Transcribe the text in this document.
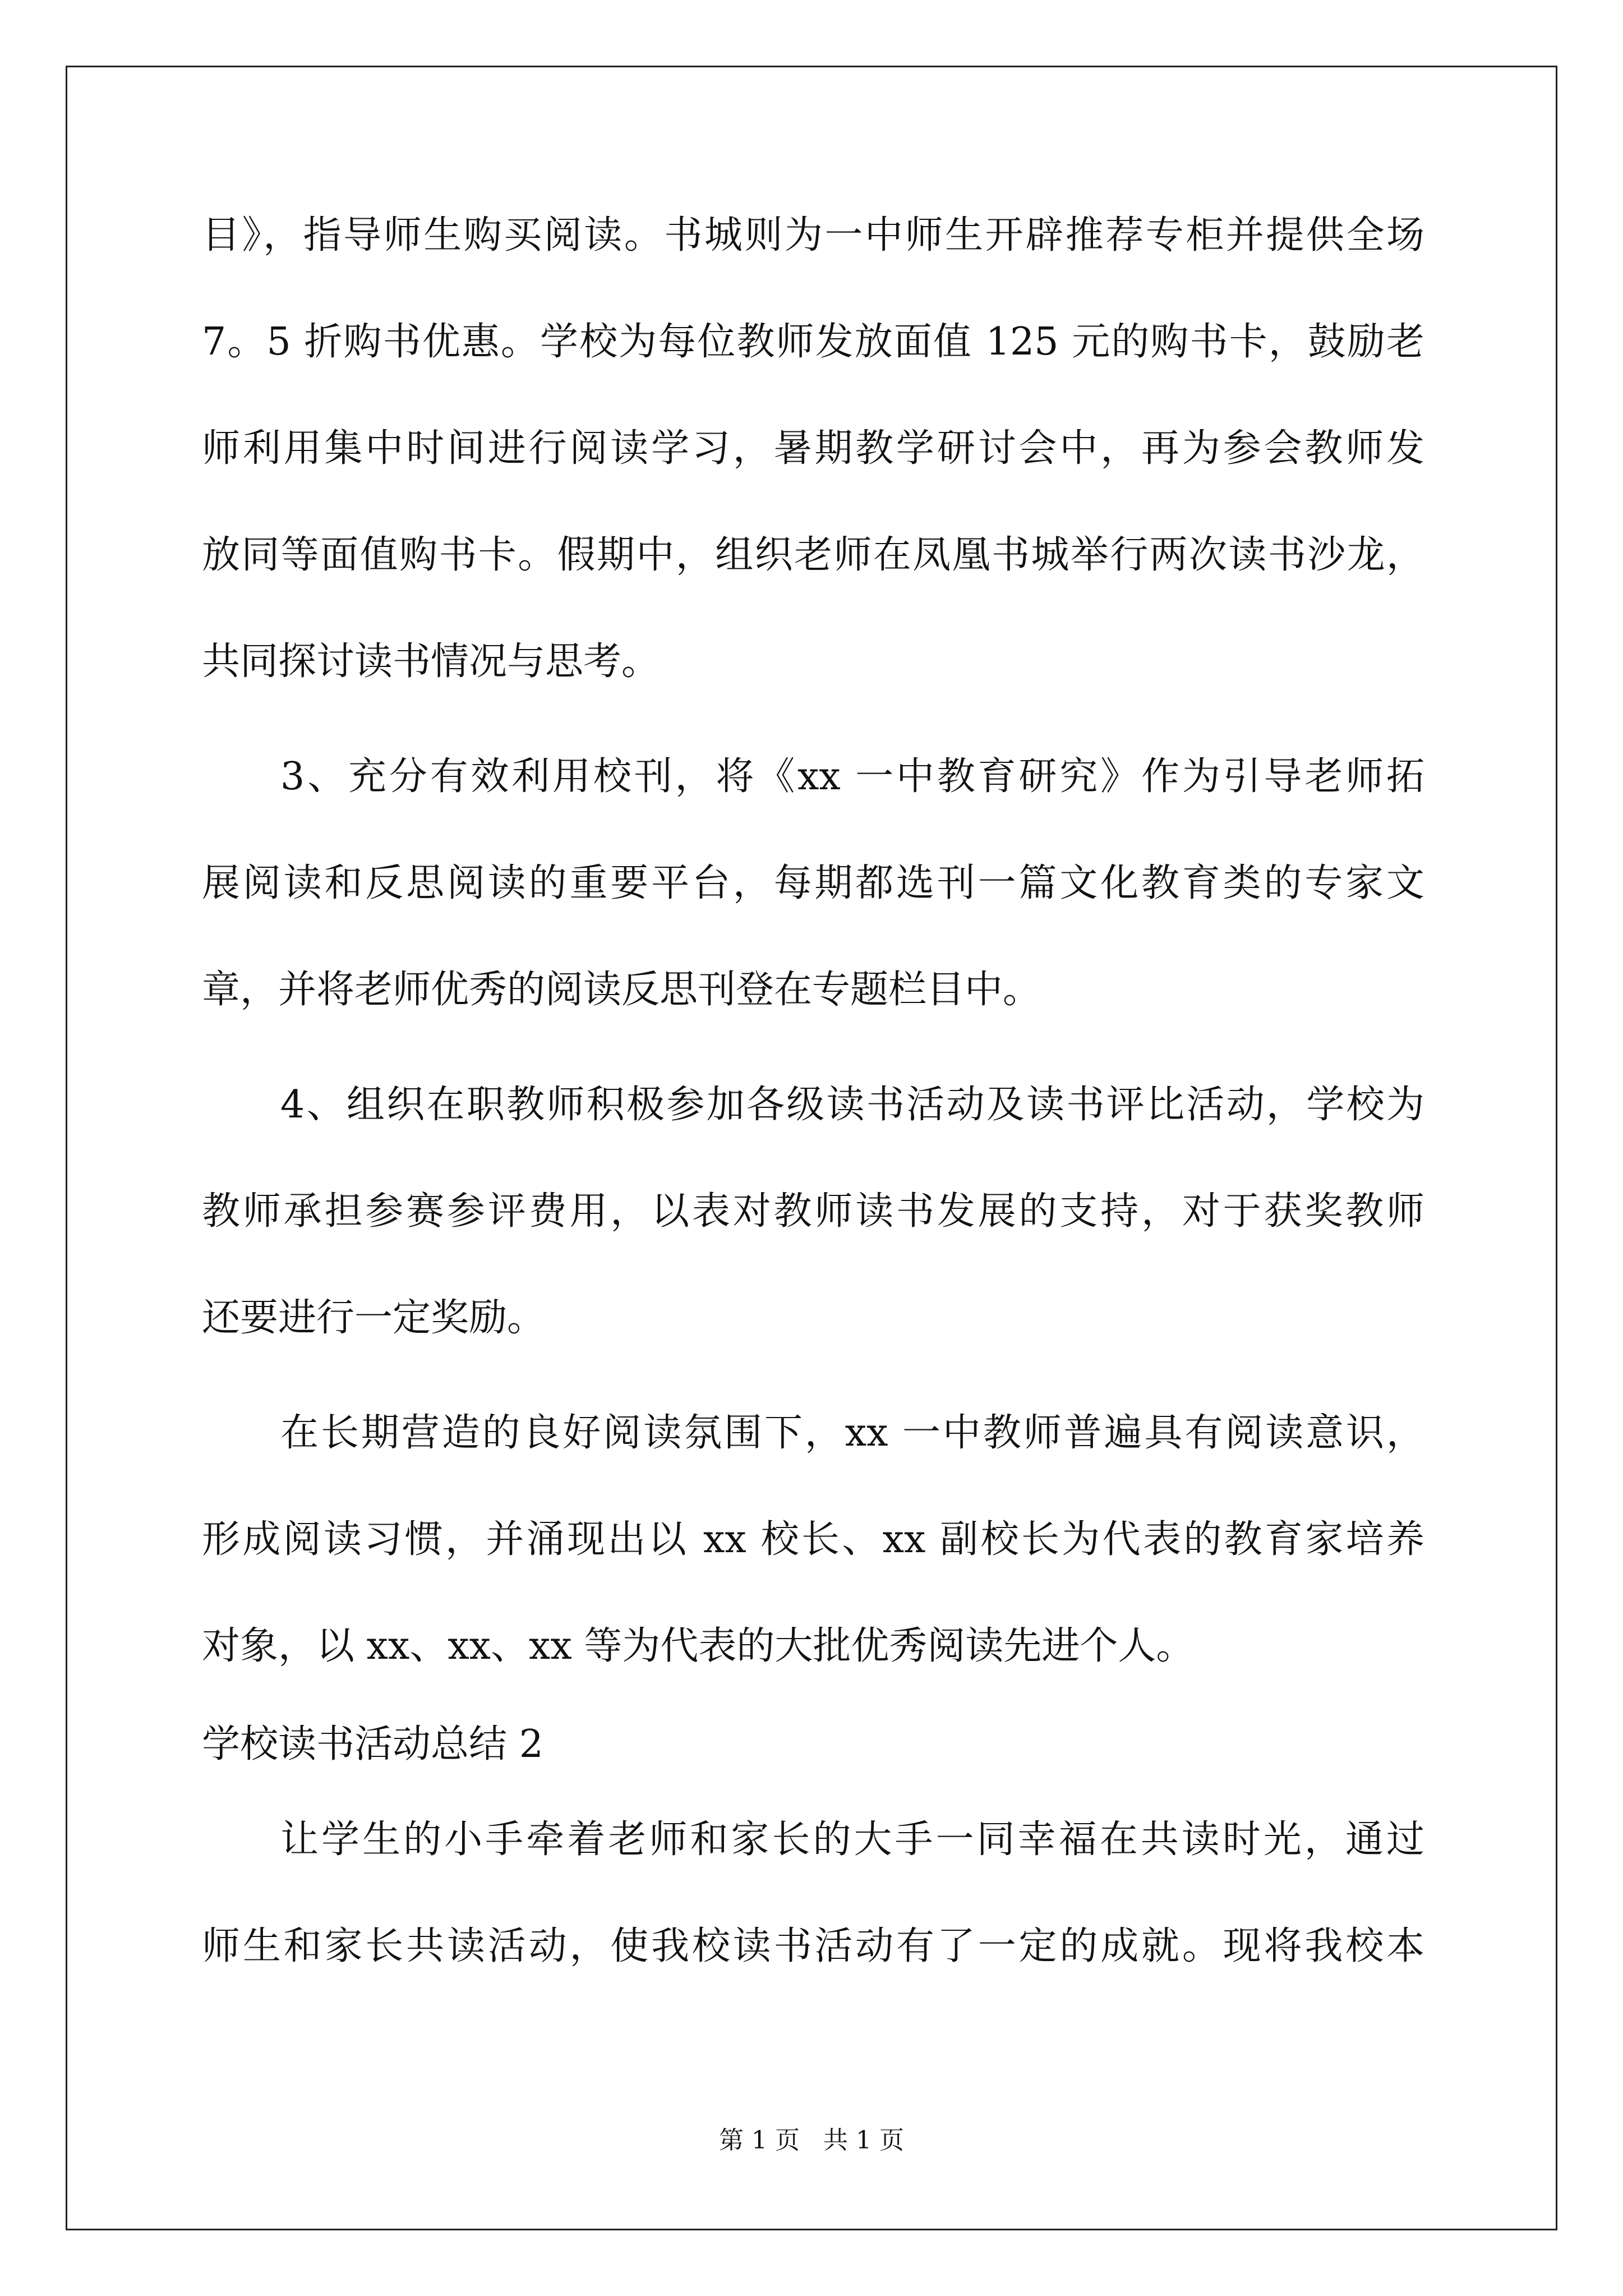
目》，指导师生购买阅读。书城则为一中师生开辟推荐专柜并提供全场
7。5 折购书优惠。学校为每位教师发放面值 125 元的购书卡，鼓励老
师利用集中时间进行阅读学习，暑期教学研讨会中，再为参会教师发
放同等面值购书卡。假期中，组织老师在凤凰书城举行两次读书沙龙，
共同探讨读书情况与思考。
3、充分有效利用校刊，将《xx 一中教育研究》作为引导老师拓
展阅读和反思阅读的重要平台，每期都选刊一篇文化教育类的专家文
章，并将老师优秀的阅读反思刊登在专题栏目中。
4、组织在职教师积极参加各级读书活动及读书评比活动，学校为
教师承担参赛参评费用，以表对教师读书发展的支持，对于获奖教师
还要进行一定奖励。
在长期营造的良好阅读氛围下，xx 一中教师普遍具有阅读意识，
形成阅读习惯，并涌现出以 xx 校长、xx 副校长为代表的教育家培养
对象，以 xx、xx、xx 等为代表的大批优秀阅读先进个人。
学校读书活动总结 2
让学生的小手牵着老师和家长的大手一同幸福在共读时光，通过
师生和家长共读活动，使我校读书活动有了一定的成就。现将我校本
第 1 页   共 1 页
